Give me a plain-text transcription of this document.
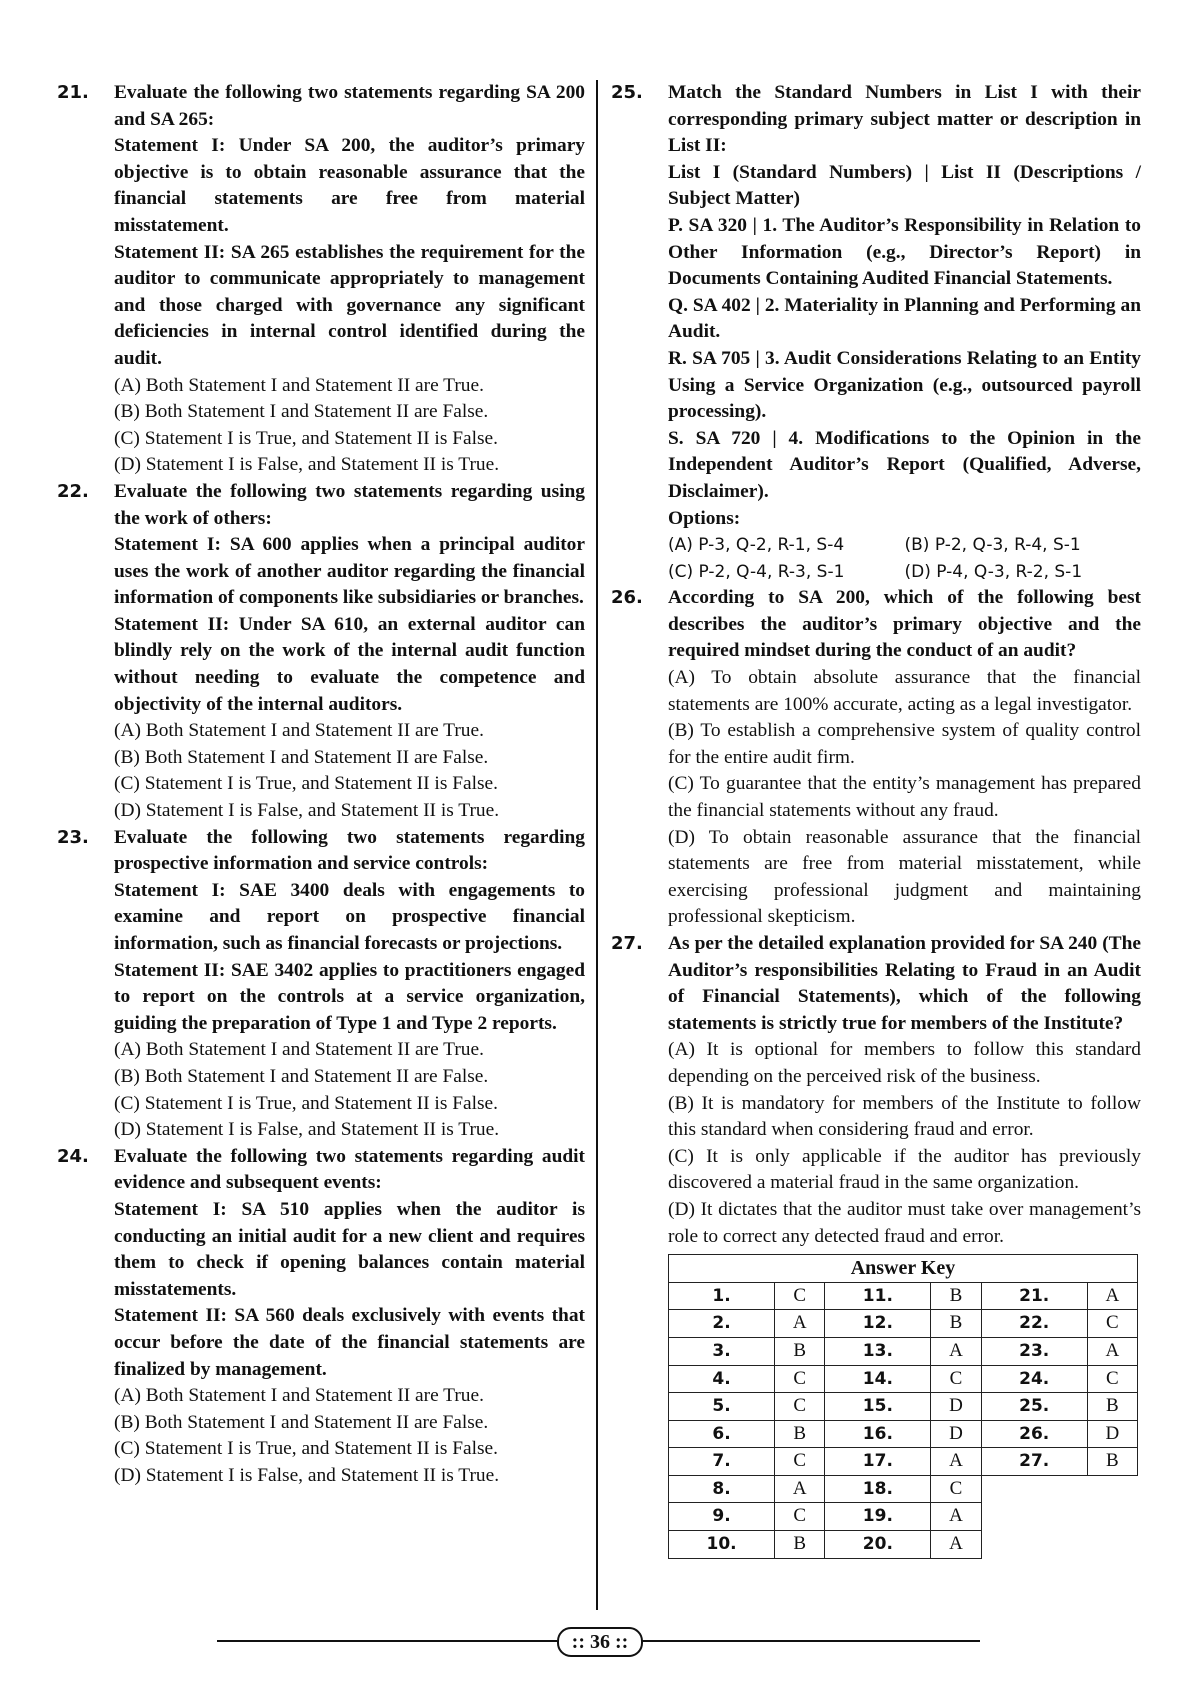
21. Evaluate the following two statements regarding SA 200 and SA 265:
Statement I: Under SA 200, the auditor’s primary objective is to obtain reasonable assurance that the financial statements are free from material misstatement.
Statement II: SA 265 establishes the requirement for the auditor to communicate appropriately to management and those charged with governance any significant deficiencies in internal control identified during the audit.
(A) Both Statement I and Statement II are True.
(B) Both Statement I and Statement II are False.
(C) Statement I is True, and Statement II is False.
(D) Statement I is False, and Statement II is True.
22. Evaluate the following two statements regarding using the work of others:
Statement I: SA 600 applies when a principal auditor uses the work of another auditor regarding the financial information of components like subsidiaries or branches.
Statement II: Under SA 610, an external auditor can blindly rely on the work of the internal audit function without needing to evaluate the competence and objectivity of the internal auditors.
(A) Both Statement I and Statement II are True.
(B) Both Statement I and Statement II are False.
(C) Statement I is True, and Statement II is False.
(D) Statement I is False, and Statement II is True.
23. Evaluate the following two statements regarding prospective information and service controls:
Statement I: SAE 3400 deals with engagements to examine and report on prospective financial information, such as financial forecasts or projections.
Statement II: SAE 3402 applies to practitioners engaged to report on the controls at a service organization, guiding the preparation of Type 1 and Type 2 reports.
(A) Both Statement I and Statement II are True.
(B) Both Statement I and Statement II are False.
(C) Statement I is True, and Statement II is False.
(D) Statement I is False, and Statement II is True.
24. Evaluate the following two statements regarding audit evidence and subsequent events:
Statement I: SA 510 applies when the auditor is conducting an initial audit for a new client and requires them to check if opening balances contain material misstatements.
Statement II: SA 560 deals exclusively with events that occur before the date of the financial statements are finalized by management.
(A) Both Statement I and Statement II are True.
(B) Both Statement I and Statement II are False.
(C) Statement I is True, and Statement II is False.
(D) Statement I is False, and Statement II is True.
25. Match the Standard Numbers in List I with their corresponding primary subject matter or description in List II:
List I (Standard Numbers) | List II (Descriptions / Subject Matter)
P. SA 320 | 1. The Auditor’s Responsibility in Relation to Other Information (e.g., Director’s Report) in Documents Containing Audited Financial Statements.
Q. SA 402 | 2. Materiality in Planning and Performing an Audit.
R. SA 705 | 3. Audit Considerations Relating to an Entity Using a Service Organization (e.g., outsourced payroll processing).
S. SA 720 | 4. Modifications to the Opinion in the Independent Auditor’s Report (Qualified, Adverse, Disclaimer).
Options:
(A) P-3, Q-2, R-1, S-4	(B) P-2, Q-3, R-4, S-1
(C) P-2, Q-4, R-3, S-1	(D) P-4, Q-3, R-2, S-1
26. According to SA 200, which of the following best describes the auditor’s primary objective and the required mindset during the conduct of an audit?
(A) To obtain absolute assurance that the financial statements are 100% accurate, acting as a legal investigator.
(B) To establish a comprehensive system of quality control for the entire audit firm.
(C) To guarantee that the entity’s management has prepared the financial statements without any fraud.
(D) To obtain reasonable assurance that the financial statements are free from material misstatement, while exercising professional judgment and maintaining professional skepticism.
27. As per the detailed explanation provided for SA 240 (The Auditor’s responsibilities Relating to Fraud in an Audit of Financial Statements), which of the following statements is strictly true for members of the Institute?
(A) It is optional for members to follow this standard depending on the perceived risk of the business.
(B) It is mandatory for members of the Institute to follow this standard when considering fraud and error.
(C) It is only applicable if the auditor has previously discovered a material fraud in the same organization.
(D) It dictates that the auditor must take over management’s role to correct any detected fraud and error.
Answer Key					
1.	C	11.	B	21.	A
2.	A	12.	B	22.	C
3.	B	13.	A	23.	A
4.	C	14.	C	24.	C
5.	C	15.	D	25.	B
6.	B	16.	D	26.	D
7.	C	17.	A	27.	B
8.	A	18.	C		
9.	C	19.	A		
10.	B	20.	A		
:: 36 ::
